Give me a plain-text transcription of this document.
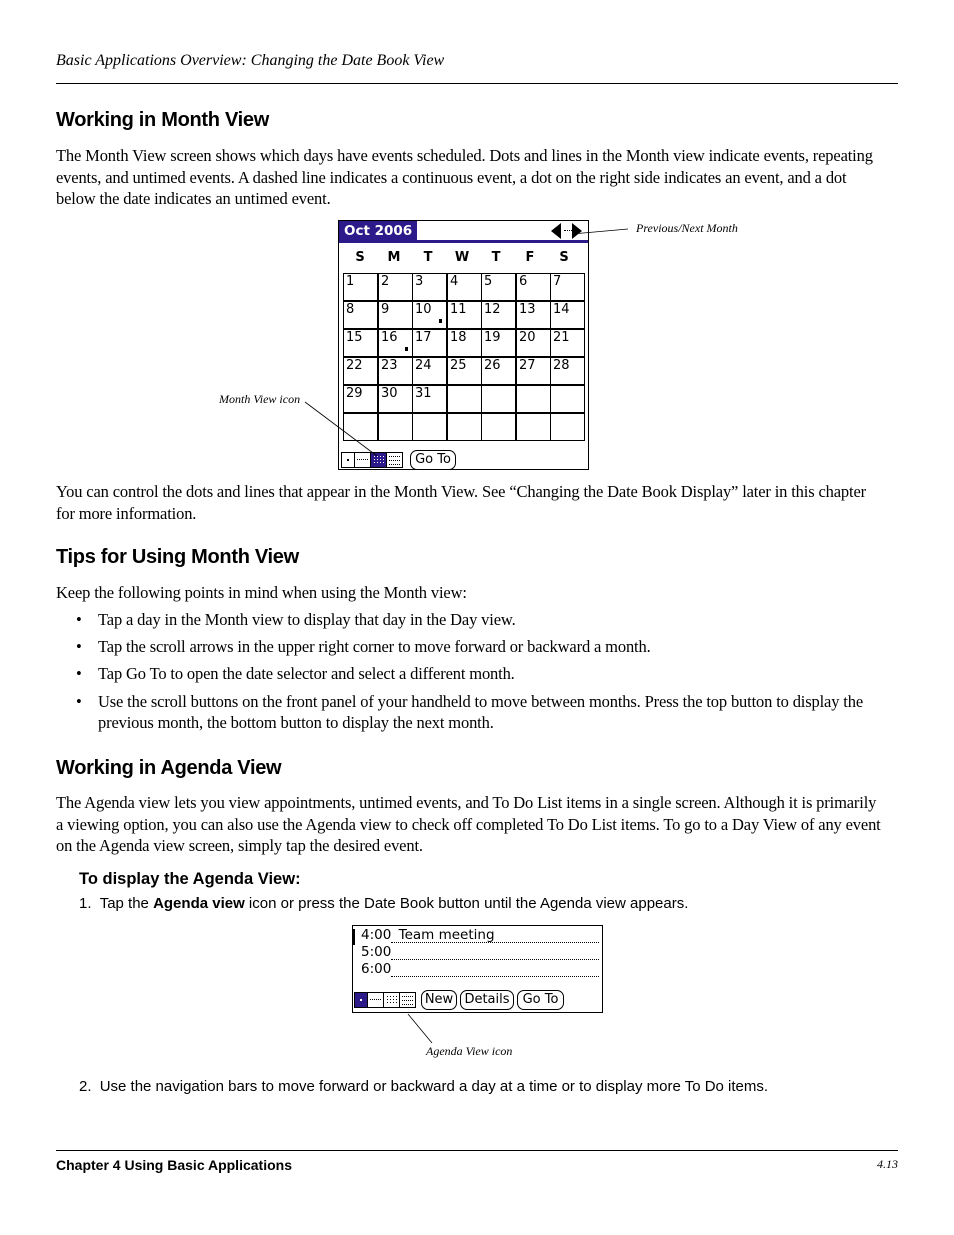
Basic Applications Overview: Changing the Date Book View
Working in Month View
The Month View screen shows which days have events scheduled. Dots and lines in the Month view indicate events, repeating events, and untimed events. A dashed line indicates a continuous event, a dot on the right side indicates an event, and a dot below the date indicates an untimed event.
Oct 2006
S	M	T	W	T	F	S
1	2	3	4	5	6	7
8	9	10	11	12	13	14
15	16	17	18	19	20	21
22	23	24	25	26	27	28
29	30	31
Go To
Previous/Next Month
Month View icon
You can control the dots and lines that appear in the Month View. See “Changing the Date Book Display” later in this chapter for more information.
Tips for Using Month View
Keep the following points in mind when using the Month view:
• Tap a day in the Month view to display that day in the Day view.
• Tap the scroll arrows in the upper right corner to move forward or backward a month.
• Tap Go To to open the date selector and select a different month.
• Use the scroll buttons on the front panel of your handheld to move between months. Press the top button to display the previous month, the bottom button to display the next month.
Working in Agenda View
The Agenda view lets you view appointments, untimed events, and To Do List items in a single screen. Although it is primarily a viewing option, you can also use the Agenda view to check off completed To Do List items. To go to a Day View of any event on the Agenda view screen, simply tap the desired event.
To display the Agenda View:
1. Tap the Agenda view icon or press the Date Book button until the Agenda view appears.
4:00 Team meeting
5:00
6:00
New Details	Go To
Agenda View icon
2. Use the navigation bars to move forward or backward a day at a time or to display more To Do items.
Chapter 4 Using Basic Applications	4.13
